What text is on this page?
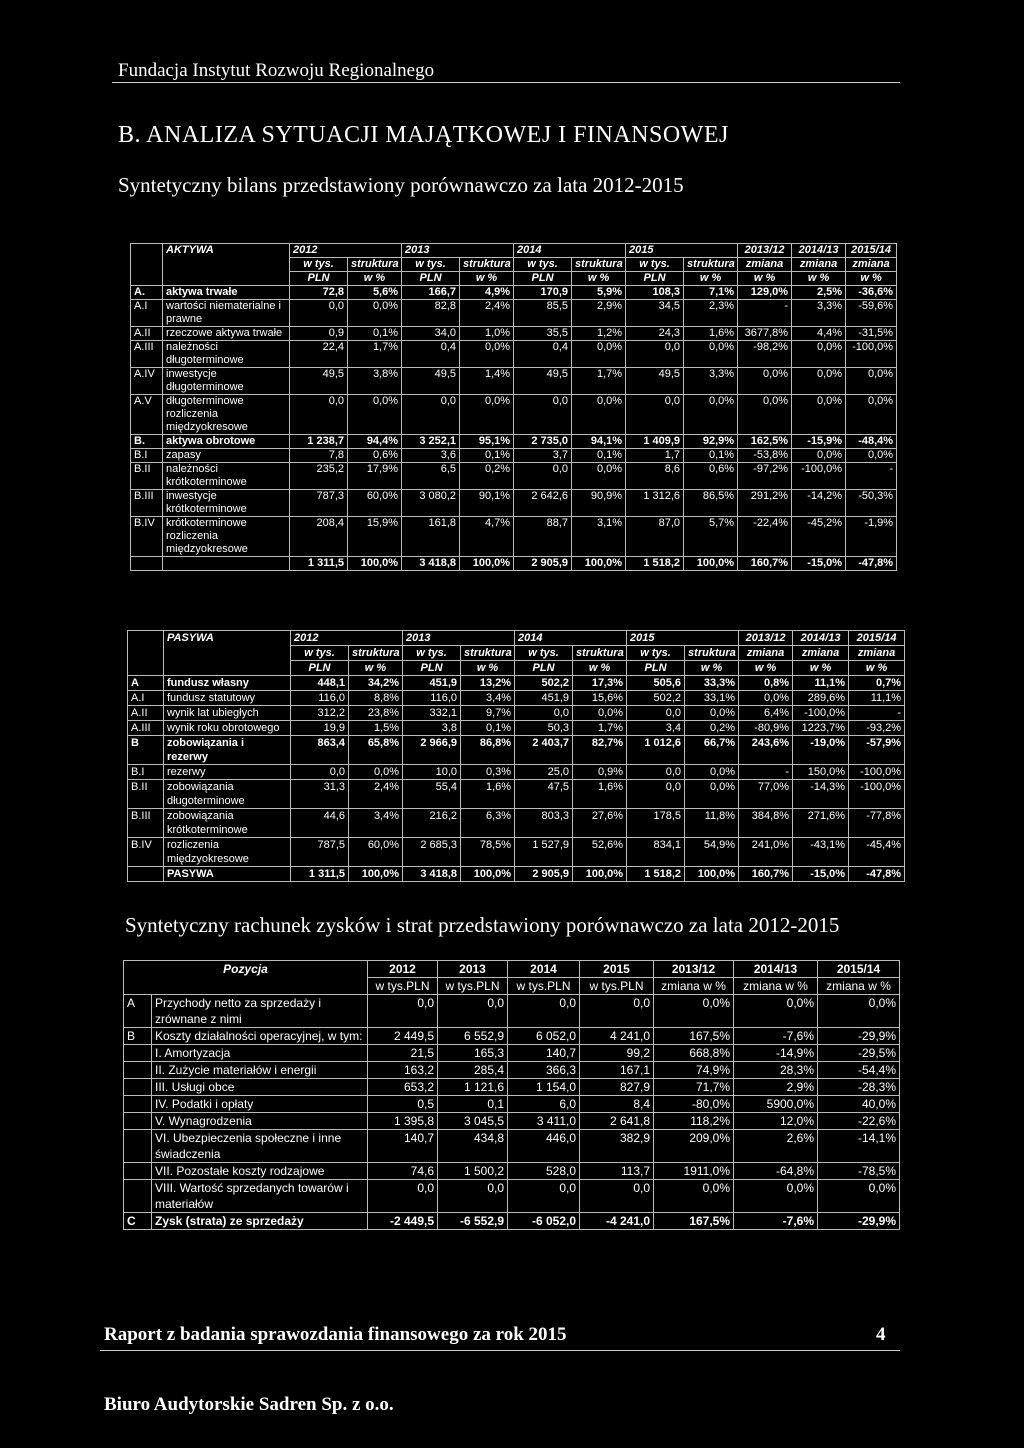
Fundacja Instytut Rozwoju Regionalnego
B. ANALIZA SYTUACJI MAJĄTKOWEJ I FINANSOWEJ
Syntetyczny bilans przedstawiony porównawczo za lata 2012-2015
	AKTYWA	2012		2013		2014		2015		2013/12	2014/13	2015/14
		w tys.	struktura	w tys.	struktura	w tys.	struktura	w tys.	struktura	zmiana	zmiana	zmiana
		PLN	w %	PLN	w %	PLN	w %	PLN	w %	w %	w %	w %
A.	aktywa trwałe	72,8	5,6%	166,7	4,9%	170,9	5,9%	108,3	7,1%	129,0%	2,5%	-36,6%
A.I	wartości niematerialne i prawne	0,0	0,0%	82,8	2,4%	85,5	2,9%	34,5	2,3%	-	3,3%	-59,6%
A.II	rzeczowe aktywa trwałe	0,9	0,1%	34,0	1,0%	35,5	1,2%	24,3	1,6%	3677,8%	4,4%	-31,5%
A.III	należności długoterminowe	22,4	1,7%	0,4	0,0%	0,4	0,0%	0,0	0,0%	-98,2%	0,0%	-100,0%
A.IV	inwestycje długoterminowe	49,5	3,8%	49,5	1,4%	49,5	1,7%	49,5	3,3%	0,0%	0,0%	0,0%
A.V	długoterminowe rozliczenia międzyokresowe	0,0	0,0%	0,0	0,0%	0,0	0,0%	0,0	0,0%	0,0%	0,0%	0,0%
B.	aktywa obrotowe	1 238,7	94,4%	3 252,1	95,1%	2 735,0	94,1%	1 409,9	92,9%	162,5%	-15,9%	-48,4%
B.I	zapasy	7,8	0,6%	3,6	0,1%	3,7	0,1%	1,7	0,1%	-53,8%	0,0%	0,0%
B.II	należności krótkoterminowe	235,2	17,9%	6,5	0,2%	0,0	0,0%	8,6	0,6%	-97,2%	-100,0%	-
B.III	inwestycje krótkoterminowe	787,3	60,0%	3 080,2	90,1%	2 642,6	90,9%	1 312,6	86,5%	291,2%	-14,2%	-50,3%
B.IV	krótkoterminowe rozliczenia międzyokresowe	208,4	15,9%	161,8	4,7%	88,7	3,1%	87,0	5,7%	-22,4%	-45,2%	-1,9%
		1 311,5	100,0%	3 418,8	100,0%	2 905,9	100,0%	1 518,2	100,0%	160,7%	-15,0%	-47,8%
	PASYWA	2012		2013		2014		2015		2013/12	2014/13	2015/14
		w tys.	struktura	w tys.	struktura	w tys.	struktura	w tys.	struktura	zmiana	zmiana	zmiana
		PLN	w %	PLN	w %	PLN	w %	PLN	w %	w %	w %	w %
A	fundusz własny	448,1	34,2%	451,9	13,2%	502,2	17,3%	505,6	33,3%	0,8%	11,1%	0,7%
A.I	fundusz statutowy	116,0	8,8%	116,0	3,4%	451,9	15,6%	502,2	33,1%	0,0%	289,6%	11,1%
A.II	wynik lat ubiegłych	312,2	23,8%	332,1	9,7%	0,0	0,0%	0,0	0,0%	6,4%	-100,0%	-
A.III	wynik roku obrotowego	19,9	1,5%	3,8	0,1%	50,3	1,7%	3,4	0,2%	-80,9%	1223,7%	-93,2%
B	zobowiązania i rezerwy	863,4	65,8%	2 966,9	86,8%	2 403,7	82,7%	1 012,6	66,7%	243,6%	-19,0%	-57,9%
B.I	rezerwy	0,0	0,0%	10,0	0,3%	25,0	0,9%	0,0	0,0%	-	150,0%	-100,0%
B.II	zobowiązania długoterminowe	31,3	2,4%	55,4	1,6%	47,5	1,6%	0,0	0,0%	77,0%	-14,3%	-100,0%
B.III	zobowiązania krótkoterminowe	44,6	3,4%	216,2	6,3%	803,3	27,6%	178,5	11,8%	384,8%	271,6%	-77,8%
B.IV	rozliczenia międzyokresowe	787,5	60,0%	2 685,3	78,5%	1 527,9	52,6%	834,1	54,9%	241,0%	-43,1%	-45,4%
	PASYWA	1 311,5	100,0%	3 418,8	100,0%	2 905,9	100,0%	1 518,2	100,0%	160,7%	-15,0%	-47,8%
Syntetyczny rachunek zysków i strat przedstawiony porównawczo za lata 2012-2015
Pozycja		2012	2013	2014	2015	2013/12	2014/13	2015/14
		w tys.PLN	w tys.PLN	w tys.PLN	w tys.PLN	zmiana w %	zmiana w %	zmiana w %
A	Przychody netto za sprzedaży i zrównane z nimi	0,0	0,0	0,0	0,0	0,0%	0,0%	0,0%
B	Koszty działalności operacyjnej, w tym:	2 449,5	6 552,9	6 052,0	4 241,0	167,5%	-7,6%	-29,9%
	I. Amortyzacja	21,5	165,3	140,7	99,2	668,8%	-14,9%	-29,5%
	II. Zużycie materiałów i energii	163,2	285,4	366,3	167,1	74,9%	28,3%	-54,4%
	III. Usługi obce	653,2	1 121,6	1 154,0	827,9	71,7%	2,9%	-28,3%
	IV. Podatki i opłaty	0,5	0,1	6,0	8,4	-80,0%	5900,0%	40,0%
	V. Wynagrodzenia	1 395,8	3 045,5	3 411,0	2 641,8	118,2%	12,0%	-22,6%
	VI. Ubezpieczenia społeczne i inne świadczenia	140,7	434,8	446,0	382,9	209,0%	2,6%	-14,1%
	VII. Pozostałe koszty rodzajowe	74,6	1 500,2	528,0	113,7	1911,0%	-64,8%	-78,5%
	VIII. Wartość sprzedanych towarów i materiałów	0,0	0,0	0,0	0,0	0,0%	0,0%	0,0%
C	Zysk (strata) ze sprzedaży	-2 449,5	-6 552,9	-6 052,0	-4 241,0	167,5%	-7,6%	-29,9%
Raport z badania sprawozdania finansowego za rok 2015	4
Biuro Audytorskie Sadren Sp. z o.o.
